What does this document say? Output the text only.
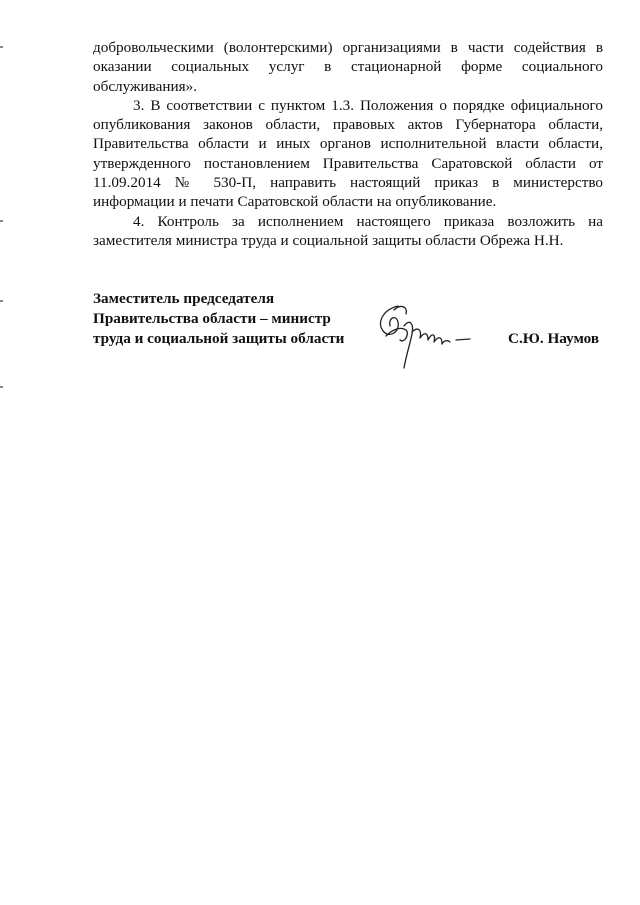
добровольческими (волонтерскими) организациями в части содействия в оказании социальных услуг в стационарной форме социального обслуживания».

3. В соответствии с пунктом 1.3. Положения о порядке официального опубликования законов области, правовых актов Губернатора области, Правительства области и иных органов исполнительной власти области, утвержденного постановлением Правительства Саратовской области от 11.09.2014 № 530-П, направить настоящий приказ в министерство информации и печати Саратовской области на опубликование.

4. Контроль за исполнением настоящего приказа возложить на заместителя министра труда и социальной защиты области Обрежа Н.Н.

Заместитель председателя
Правительства области – министр
труда и социальной защиты области	С.Ю. Наумов
